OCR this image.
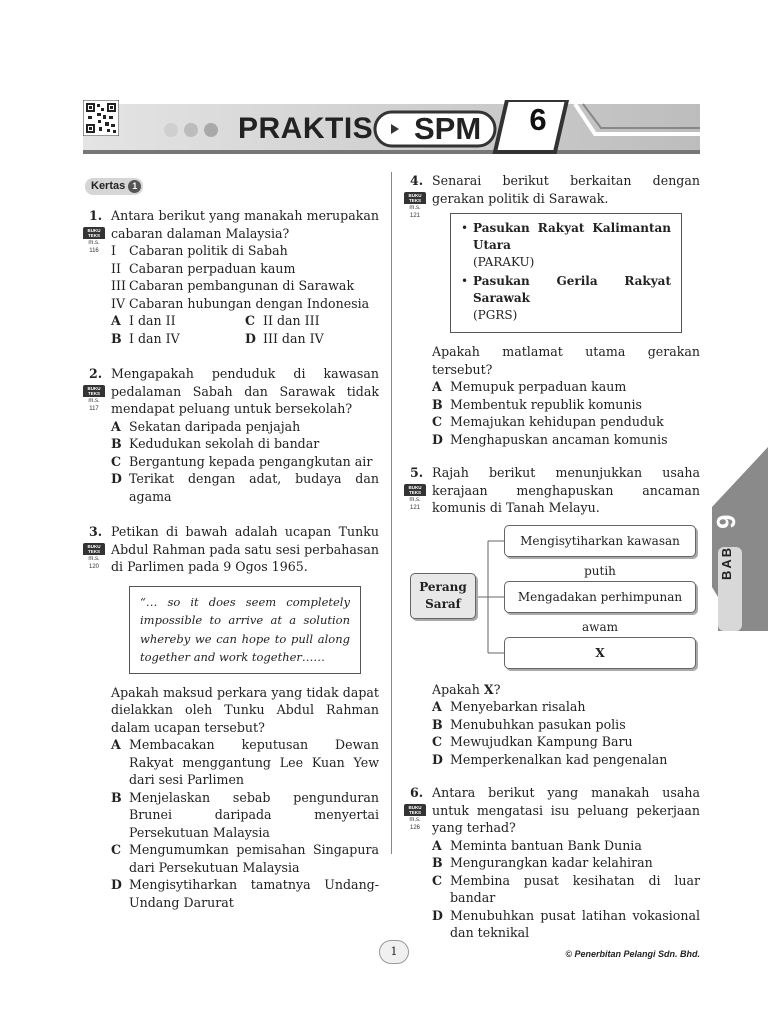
PRAKTIS SPM	6
Kertas 1
1.
BUKU TEKS
m.s. 116
Antara berikut yang manakah merupakan cabaran dalaman Malaysia?
I	Cabaran politik di Sabah
II Cabaran perpaduan kaum
III Cabaran pembangunan di Sarawak
IV Cabaran hubungan dengan Indonesia
A I dan II	C II dan III
B I dan IV	D III dan IV
2.
BUKU TEKS
m.s. 117
Mengapakah penduduk di kawasan pedalaman Sabah dan Sarawak tidak mendapat peluang untuk bersekolah?
A Sekatan daripada penjajah
B Kedudukan sekolah di bandar
C Bergantung kepada pengangkutan air
D Terikat dengan adat, budaya dan agama
3.
BUKU TEKS
m.s. 120
Petikan di bawah adalah ucapan Tunku Abdul Rahman pada satu sesi perbahasan di Parlimen pada 9 Ogos 1965.
“… so it does seem completely impossible to arrive at a solution whereby we can hope to pull along together and work together……
Apakah maksud perkara yang tidak dapat dielakkan oleh Tunku Abdul Rahman dalam ucapan tersebut?
A Membacakan keputusan Dewan Rakyat menggantung Lee Kuan Yew dari sesi Parlimen
B Menjelaskan sebab pengunduran Brunei daripada menyertai Persekutuan Malaysia
C Mengumumkan pemisahan Singapura dari Persekutuan Malaysia
D Mengisytiharkan tamatnya Undang-Undang Darurat
4.
BUKU TEKS
m.s. 121
Senarai berikut berkaitan dengan gerakan politik di Sarawak.
• Pasukan Rakyat Kalimantan Utara
(PARAKU)
• Pasukan Gerila Rakyat Sarawak
(PGRS)
Apakah matlamat utama gerakan tersebut?
A Memupuk perpaduan kaum
B Membentuk republik komunis
C Memajukan kehidupan penduduk
D Menghapuskan ancaman komunis
5.
BUKU TEKS
m.s. 121
Rajah berikut menunjukkan usaha kerajaan menghapuskan ancaman komunis di Tanah Melayu.
Perang Saraf
Mengisytiharkan kawasan putih
Mengadakan perhimpunan awam
X
Apakah X?
A Menyebarkan risalah
B Menubuhkan pasukan polis
C Mewujudkan Kampung Baru
D Memperkenalkan kad pengenalan
6.
BUKU TEKS
m.s. 126
Antara berikut yang manakah usaha untuk mengatasi isu peluang pekerjaan yang terhad?
A Meminta bantuan Bank Dunia
B Mengurangkan kadar kelahiran
C Membina pusat kesihatan di luar bandar
D Menubuhkan pusat latihan vokasional dan teknikal
6
BAB
1	© Penerbitan Pelangi Sdn. Bhd.
